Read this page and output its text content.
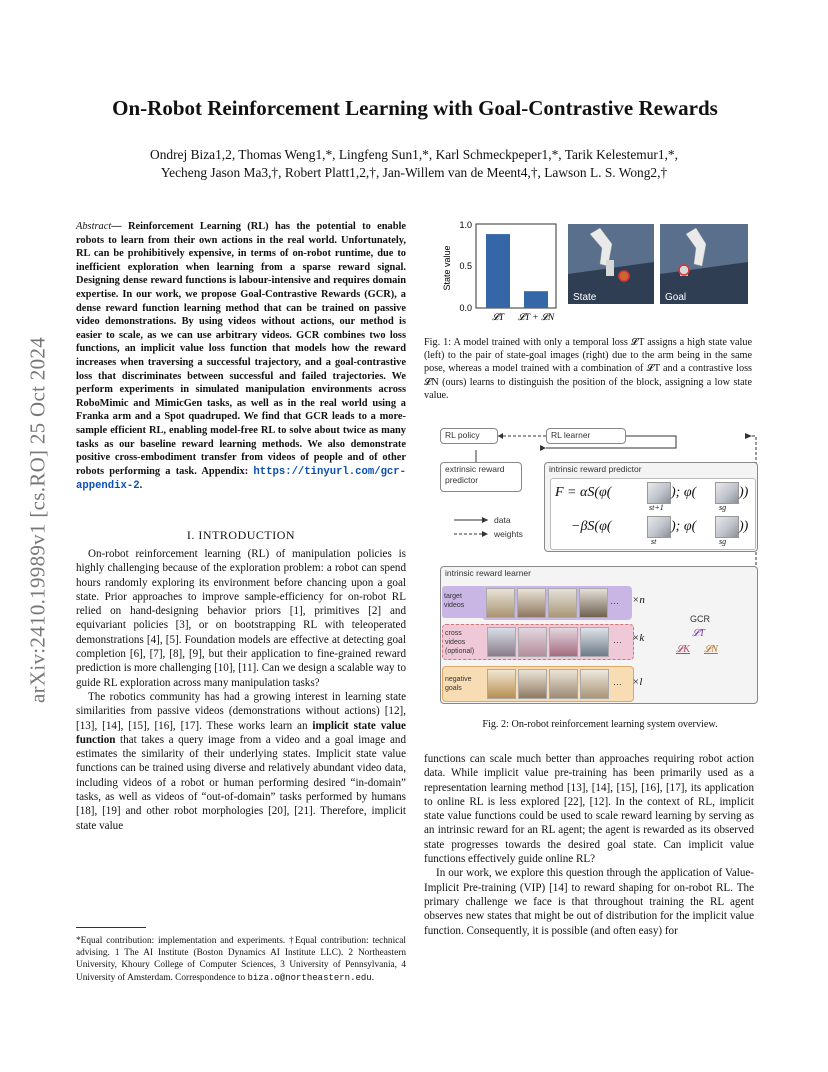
arXiv:2410.19989v1 [cs.RO] 25 Oct 2024
On-Robot Reinforcement Learning with Goal-Contrastive Rewards
Ondrej Biza1,2, Thomas Weng1,*, Lingfeng Sun1,*, Karl Schmeckpeper1,*, Tarik Kelestemur1,*,
Yecheng Jason Ma3,†, Robert Platt1,2,†, Jan-Willem van de Meent4,†, Lawson L. S. Wong2,†
Abstract— Reinforcement Learning (RL) has the potential to enable robots to learn from their own actions in the real world. Unfortunately, RL can be prohibitively expensive, in terms of on-robot runtime, due to inefficient exploration when learning from a sparse reward signal. Designing dense reward functions is labour-intensive and requires domain expertise. In our work, we propose Goal-Contrastive Rewards (GCR), a dense reward function learning method that can be trained on passive video demonstrations. By using videos without actions, our method is easier to scale, as we can use arbitrary videos. GCR combines two loss functions, an implicit value loss function that models how the reward increases when traversing a successful trajectory, and a goal-contrastive loss that discriminates between successful and failed trajectories. We perform experiments in simulated manipulation environments across RoboMimic and MimicGen tasks, as well as in the real world using a Franka arm and a Spot quadruped. We find that GCR leads to a more-sample efficient RL, enabling model-free RL to solve about twice as many tasks as our baseline reward learning methods. We also demonstrate positive cross-embodiment transfer from videos of people and of other robots performing a task. Appendix: https://tinyurl.com/gcr-appendix-2.
I. INTRODUCTION

On-robot reinforcement learning (RL) of manipulation policies is highly challenging because of the exploration problem: a robot can spend hours randomly exploring its environment before chancing upon a goal state. Prior approaches to improve sample-efficiency for on-robot RL relied on hand-designing behavior priors [1], primitives [2] and equivariant policies [3], or on bootstrapping RL with teleoperated demonstrations [4], [5]. Foundation models are effective at detecting goal completion [6], [7], [8], [9], but their application to fine-grained reward prediction is more challenging [10], [11]. Can we design a scalable way to guide RL exploration across many manipulation tasks?

The robotics community has had a growing interest in learning state similarities from passive videos (demonstrations without actions) [12], [13], [14], [15], [16], [17]. These works learn an implicit state value function that takes a query image from a video and a goal image and estimates the similarity of their underlying states. Implicit state value functions can be trained using diverse and relatively abundant video data, including videos of a robot or human performing desired “in-domain” tasks, as well as videos of “out-of-domain” tasks performed by humans [18], [19] and other robot morphologies [20], [21]. Therefore, implicit state value

*Equal contribution: implementation and experiments. †Equal contribution: technical advising. 1 The AI Institute (Boston Dynamics AI Institute LLC). 2 Northeastern University, Khoury College of Computer Sciences, 3 University of Pennsylvania, 4 University of Amsterdam. Correspondence to biza.o@northeastern.edu.
State value
0.0
0.5
1.0
𝓛T 𝓛T + 𝓛N
State	Goal
Fig. 1: A model trained with only a temporal loss 𝓛T assigns a high state value (left) to the pair of state-goal images (right) due to the arm being in the same pose, whereas a model trained with a combination of 𝓛T and a contrastive loss 𝓛N (ours) learns to distinguish the position of the block, assigning a low state value.
RL policy	RL learner
extrinsic reward
predictor
intrinsic reward predictor
F = αS(φ(	); φ(	))
st+1	sg
−βS(φ(	); φ(	))
st	sg
data
weights
intrinsic reward learner
target videos	··· ×n
cross
videos
(optional)
··· ×k
negative
goals	··· ×l
GCR
𝓛T
𝓛K 𝓛N
Fig. 2: On-robot reinforcement learning system overview.

functions can scale much better than approaches requiring robot action data. While implicit value pre-training has been primarily used as a representation learning method [13], [14], [15], [16], [17], its application to online RL is less explored [22], [12]. In the context of RL, implicit state value functions could be used to scale reward learning by serving as an intrinsic reward for an RL agent; the agent is rewarded as its observed state progresses towards the desired goal state. Can implicit value functions effectively guide online RL?

In our work, we explore this question through the application of Value-Implicit Pre-training (VIP) [14] to reward shaping for on-robot RL. The primary challenge we face is that throughout training the RL agent observes new states that might be out of distribution for the implicit value function. Consequently, it is possible (and often easy) for
